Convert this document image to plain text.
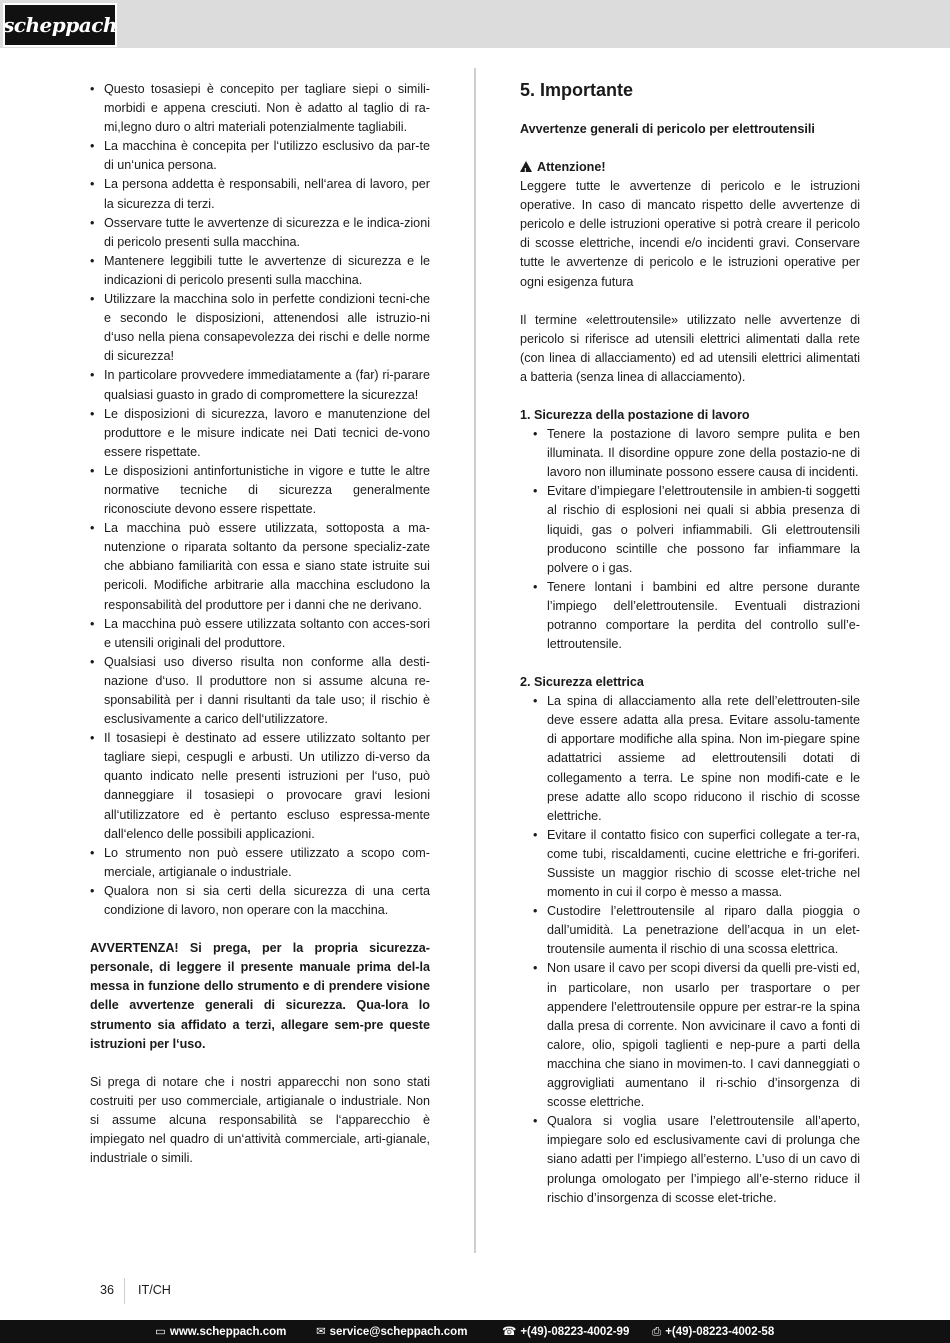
scheppach
• Questo tosasiepi è concepito per tagliare siepi o simili-morbidi e appena cresciuti. Non è adatto al taglio di ra-mi,legno duro o altri materiali potenzialmente tagliabili.
• La macchina è concepita per l‘utilizzo esclusivo da par-te di un‘unica persona.
• La persona addetta è responsabili, nell‘area di lavoro, per la sicurezza di terzi.
• Osservare tutte le avvertenze di sicurezza e le indica-zioni di pericolo presenti sulla macchina.
• Mantenere leggibili tutte le avvertenze di sicurezza e le indicazioni di pericolo presenti sulla macchina.
• Utilizzare la macchina solo in perfette condizioni tecni-che e secondo le disposizioni, attenendosi alle istruzio-ni d‘uso nella piena consapevolezza dei rischi e delle norme di sicurezza!
• In particolare provvedere immediatamente a (far) ri-parare qualsiasi guasto in grado di compromettere la sicurezza!
• Le disposizioni di sicurezza, lavoro e manutenzione del produttore e le misure indicate nei Dati tecnici de-vono essere rispettate.
• Le disposizioni antinfortunistiche in vigore e tutte le altre normative tecniche di sicurezza generalmente riconosciute devono essere rispettate.
• La macchina può essere utilizzata, sottoposta a ma-nutenzione o riparata soltanto da persone specializ-zate che abbiano familiarità con essa e siano state istruite sui pericoli. Modifiche arbitrarie alla macchina escludono la responsabilità del produttore per i danni che ne derivano.
• La macchina può essere utilizzata soltanto con acces-sori e utensili originali del produttore.
• Qualsiasi uso diverso risulta non conforme alla desti-nazione d‘uso. Il produttore non si assume alcuna re-sponsabilità per i danni risultanti da tale uso; il rischio è esclusivamente a carico dell‘utilizzatore.
• Il tosasiepi è destinato ad essere utilizzato soltanto per tagliare siepi, cespugli e arbusti. Un utilizzo di-verso da quanto indicato nelle presenti istruzioni per l‘uso, può danneggiare il tosasiepi o provocare gravi lesioni all‘utilizzatore ed è pertanto escluso espressa-mente dall‘elenco delle possibili applicazioni.
• Lo strumento non può essere utilizzato a scopo com-merciale, artigianale o industriale.
• Qualora non si sia certi della sicurezza di una certa condizione di lavoro, non operare con la macchina.

AVVERTENZA! Si prega, per la propria sicurezza-personale, di leggere il presente manuale prima del-la messa in funzione dello strumento e di prendere visione delle avvertenze generali di sicurezza. Qua-lora lo strumento sia affidato a terzi, allegare sem-pre queste istruzioni per l‘uso.

Si prega di notare che i nostri apparecchi non sono stati costruiti per uso commerciale, artigianale o industriale. Non si assume alcuna responsabilità se l‘apparecchio è impiegato nel quadro di un‘attività commerciale, arti-gianale, industriale o simili.

5. Importante
Avvertenze generali di pericolo per elettroutensili
!Attenzione!

Leggere tutte le avvertenze di pericolo e le istruzioni operative. In caso di mancato rispetto delle avvertenze di pericolo e delle istruzioni operative si potrà creare il pericolo di scosse elettriche, incendi e/o incidenti gravi. Conservare tutte le avvertenze di pericolo e le istruzioni operative per ogni esigenza futura

Il termine «elettroutensile» utilizzato nelle avvertenze di pericolo si riferisce ad utensili elettrici alimentati dalla rete (con linea di allacciamento) ed ad utensili elettrici alimentati a batteria (senza linea di allacciamento).

1. Sicurezza della postazione di lavoro
• Tenere la postazione di lavoro sempre pulita e ben illuminata. Il disordine oppure zone della postazio-ne di lavoro non illuminate possono essere causa di incidenti.
• Evitare d’impiegare l’elettroutensile in ambien-ti soggetti al rischio di esplosioni nei quali si abbia presenza di liquidi, gas o polveri infiammabili. Gli elettroutensili producono scintille che possono far infiammare la polvere o i gas.
• Tenere lontani i bambini ed altre persone durante l’impiego dell’elettroutensile. Eventuali distrazioni potranno comportare la perdita del controllo sull’e-lettroutensile.
2. Sicurezza elettrica
• La spina di allacciamento alla rete dell’elettrouten-sile deve essere adatta alla presa. Evitare assolu-tamente di apportare modifiche alla spina. Non im-piegare spine adattatrici assieme ad elettroutensili dotati di collegamento a terra. Le spine non modifi-cate e le prese adatte allo scopo riducono il rischio di scosse elettriche.
• Evitare il contatto fisico con superfici collegate a ter-ra, come tubi, riscaldamenti, cucine elettriche e fri-goriferi. Sussiste un maggior rischio di scosse elet-triche nel momento in cui il corpo è messo a massa.
• Custodire l’elettroutensile al riparo dalla pioggia o dall’umidità. La penetrazione dell’acqua in un elet-troutensile aumenta il rischio di una scossa elettrica.
• Non usare il cavo per scopi diversi da quelli pre-visti ed, in particolare, non usarlo per trasportare o per appendere l’elettroutensile oppure per estrar-re la spina dalla presa di corrente. Non avvicinare il cavo a fonti di calore, olio, spigoli taglienti e nep-pure a parti della macchina che siano in movimen-to. I cavi danneggiati o aggrovigliati aumentano il ri-schio d’insorgenza di scosse elettriche.
• Qualora si voglia usare l’elettroutensile all’aperto, impiegare solo ed esclusivamente cavi di prolunga che siano adatti per l’impiego all’esterno. L’uso di un cavo di prolunga omologato per l’impiego all’e-sterno riduce il rischio d’insorgenza di scosse elet-triche.
36 IT/CH
▭ www.scheppach.com	✉ service@scheppach.com	☎ +(49)-08223-4002-99 ⎙ +(49)-08223-4002-58
